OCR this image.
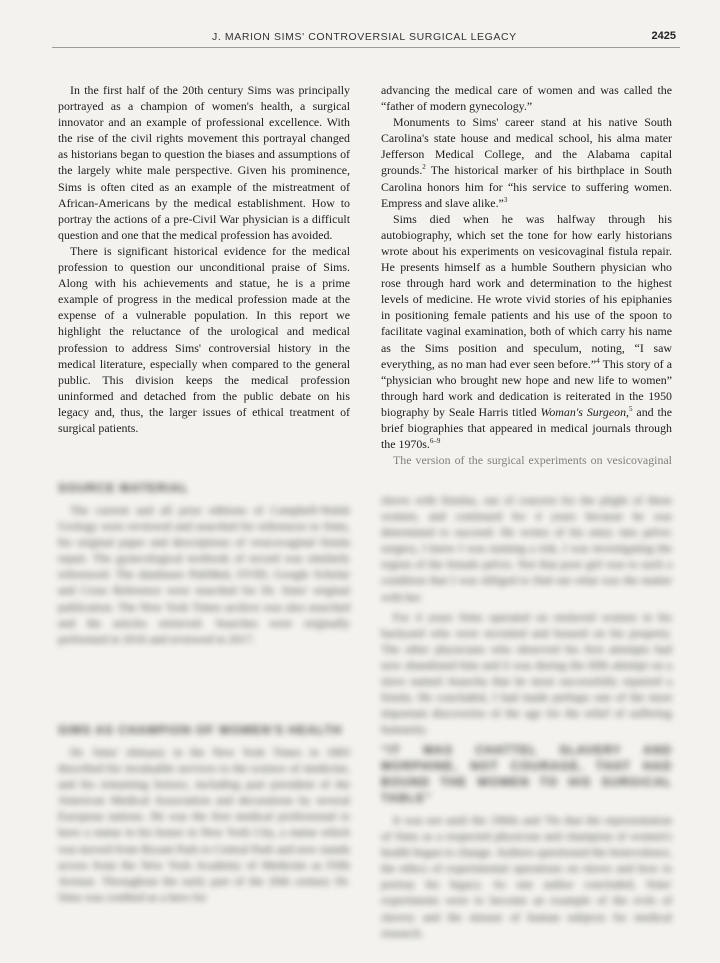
J. MARION SIMS' CONTROVERSIAL SURGICAL LEGACY	2425

In the first half of the 20th century Sims was principally portrayed as a champion of women's health, a surgical innovator and an example of professional excellence. With the rise of the civil rights movement this portrayal changed as historians began to question the biases and assumptions of the largely white male perspective. Given his prominence, Sims is often cited as an example of the mistreatment of African-Americans by the medical establishment. How to portray the actions of a pre-Civil War physician is a difficult question and one that the medical profession has avoided.

There is significant historical evidence for the medical profession to question our unconditional praise of Sims. Along with his achievements and statue, he is a prime example of progress in the medical profession made at the expense of a vulnerable population. In this report we highlight the reluctance of the urological and medical profession to address Sims' controversial history in the medical literature, especially when compared to the general public. This division keeps the medical profession uninformed and detached from the public debate on his legacy and, thus, the larger issues of ethical treatment of surgical patients.

advancing the medical care of women and was called the “father of modern gynecology.”

Monuments to Sims' career stand at his native South Carolina's state house and medical school, his alma mater Jefferson Medical College, and the Alabama capital grounds.$^2$ The historical marker of his birthplace in South Carolina honors him for “his service to suffering women. Empress and slave alike.”$^3$

Sims died when he was halfway through his autobiography, which set the tone for how early historians wrote about his experiments on vesicovaginal fistula repair. He presents himself as a humble Southern physician who rose through hard work and determination to the highest levels of medicine. He wrote vivid stories of his epiphanies in positioning female patients and his use of the spoon to facilitate vaginal examination, both of which carry his name as the Sims position and speculum, noting, “I saw everything, as no man had ever seen before.”$^4$ This story of a “physician who brought new hope and new life to women” through hard work and dedication is reiterated in the 1950 biography by Seale Harris titled Woman's Surgeon,$^5$ and the brief biographies that appeared in medical journals through the 1970s.$^{6-9}$

The version of the surgical experiments on vesicovaginal

SOURCE MATERIAL

The current and all prior editions of Campbell-Walsh Urology were reviewed and searched for references to Sims, his original paper and descriptions of vesicovaginal fistula repair. The gynecological textbook of record was similarly referenced. The databases PubMed, OVID, Google Scholar and Cross Reference were searched for Dr. Sims' original publication. The New York Times archive was also searched and the articles retrieved. Searches were originally performed in 2016 and reviewed in 2017.

SIMS AS CHAMPION OF WOMEN'S HEALTH

Dr. Sims' obituary in the New York Times in 1883 described his invaluable services to the science of medicine, and his remaining honors, including past president of the American Medical Association and decorations by several European nations. He was the first medical professional to have a statue in his honor in New York City, a statue which was moved from Bryant Park to Central Park and now stands across from the New York Academy of Medicine as Fifth Avenue. Throughout the early part of the 20th century Dr. Sims was credited as a hero for

slaves with fistulas, out of concern for the plight of these women, and continued for 4 years because he was determined to succeed. He writes of his entry into pelvic surgery, I knew I was running a risk, I was investigating the region of the female pelvis. Not that poor girl was to such a condition that I was obliged to find out what was the matter with her.

For 4 years Sims operated on enslaved women in his backyard who were recruited and housed on his property. The other physicians who observed his first attempts had now abandoned him and it was during the fifth attempt on a slave named Anarcha that he most successfully repaired a fistula. He concluded, I had made perhaps one of the most important discoveries of the age for the relief of suffering humanity.

“IT WAS CHATTEL SLAVERY AND MORPHINE, NOT COURAGE, THAT HAD BOUND THE WOMEN TO HIS SURGICAL TABLE”

It was not until the 1960s and 70s that the representation of Sims as a respected physician and champion of women's health began to change. Authors questioned the benevolence, the ethics of experimental operations on slaves and how to portray his legacy. As one author concluded, Sims' experiments were to become an example of the evils of slavery and the misuse of human subjects for medical research.
